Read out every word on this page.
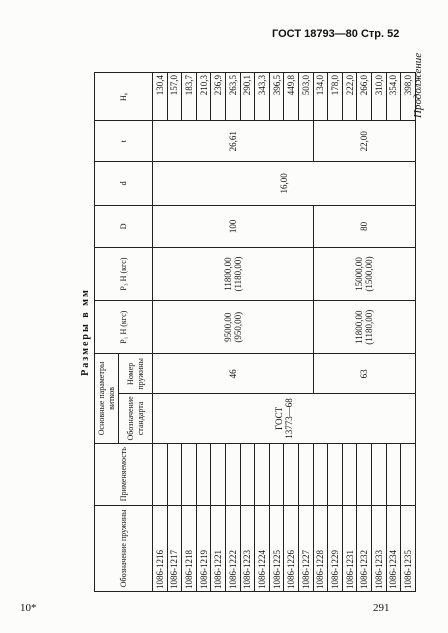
ГОСТ 18793—80 Стр. 52
Продолжение
Размеры в мм
Обозначение пружины	Применяемость	Основные параметры витков		P₁ Н (кгс)	P₃ Н (кгс)	D	d	t	H₀
		Обозначение стандарта	Номер пружины						
1086-1216		ГОСТ 13773—68	46	9500,00 (950,00)	11800,00 (1180,00)	100	16,00	26,61	130,4
1086-1217									157,0
1086-1218									183,7
1086-1219									210,3
1086-1221									236,9
1086-1222									263,5
1086-1223									290,1
1086-1224									343,3
1086-1225									396,5
1086-1226									449,8
1086-1227									503,0
1086-1228			63	11800,00 (1180,00)	15000,00 (1500,00)	80		22,00	134,0
1086-1229									178,0
1086-1231									222,0
1086-1232									266,0
1086-1233									310,0
1086-1234									354,0
1086-1235									398,0
10*	291
